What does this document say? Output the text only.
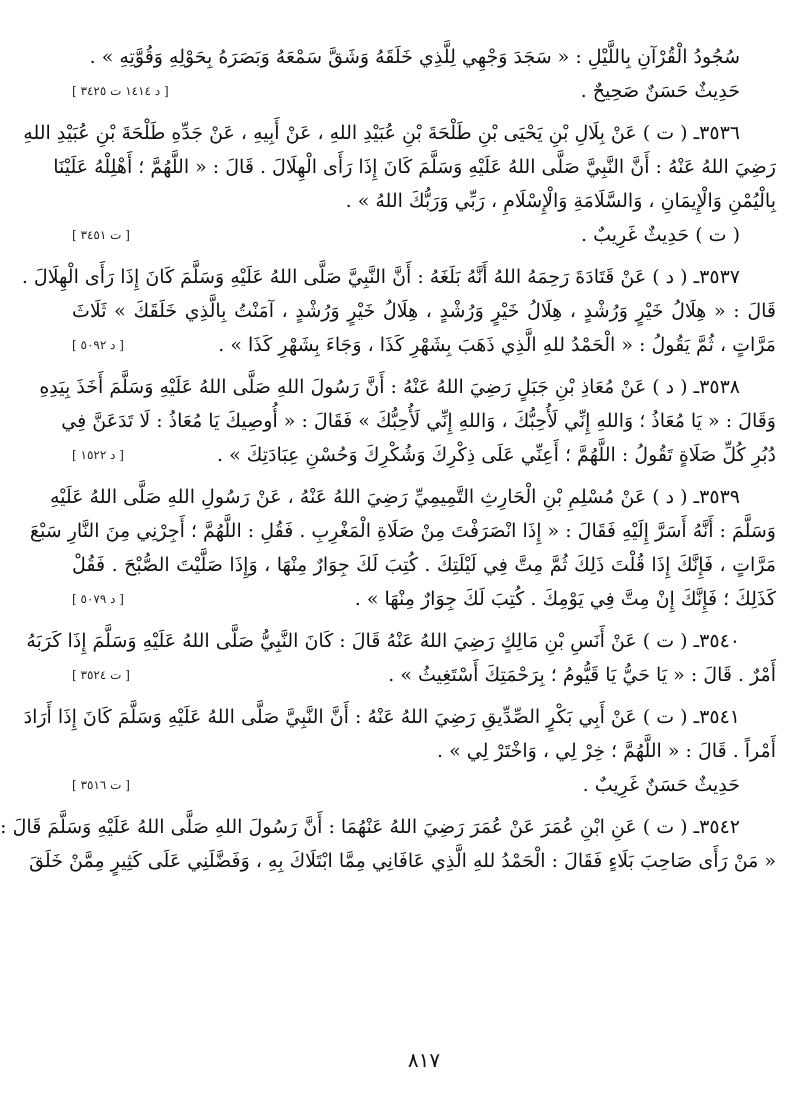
سُجُودُ الْقُرْآنِ بِاللَّيْلِ : « سَجَدَ وَجْهِي لِلَّذِي خَلَقَهُ وَشَقَّ سَمْعَهُ وَبَصَرَهُ بِحَوْلِهِ وَقُوَّتِهِ » .
حَدِيثٌ حَسَنٌ صَحِيحٌ .
[ د ١٤١٤ ت ٣٤٢٥ ]
٣٥٣٦ـ ( ت ) عَنْ بِلَالِ بْنِ يَحْيَى بْنِ طَلْحَةَ بْنِ عُبَيْدِ اللهِ ، عَنْ أَبِيهِ ، عَنْ جَدِّهِ طَلْحَةَ بْنِ عُبَيْدِ اللهِ
رَضِيَ اللهُ عَنْهُ : أَنَّ النَّبِيَّ صَلَّى اللهُ عَلَيْهِ وَسَلَّمَ كَانَ إِذَا رَأَى الْهِلَالَ . قَالَ : « اللَّهُمَّ ؛ أَهْلِلْهُ عَلَيْنَا
بِالْيُمْنِ وَالْإِيمَانِ ، وَالسَّلَامَةِ وَالْإِسْلَامِ ، رَبِّي وَرَبُّكَ اللهُ » .
( ت ) حَدِيثٌ غَرِيبٌ .
[ ت ٣٤٥١ ]
٣٥٣٧ـ ( د ) عَنْ قَتَادَةَ رَحِمَهُ اللهُ أَنَّهُ بَلَغَهُ : أَنَّ النَّبِيَّ صَلَّى اللهُ عَلَيْهِ وَسَلَّمَ كَانَ إِذَا رَأَى الْهِلَالَ .
قَالَ : « هِلَالُ خَيْرٍ وَرُشْدٍ ، هِلَالُ خَيْرٍ وَرُشْدٍ ، هِلَالُ خَيْرٍ وَرُشْدٍ ، آمَنْتُ بِالَّذِي خَلَقَكَ » ثَلَاثَ
مَرَّاتٍ ، ثُمَّ يَقُولُ : « الْحَمْدُ للهِ الَّذِي ذَهَبَ بِشَهْرِ كَذَا ، وَجَاءَ بِشَهْرِ كَذَا » .
[ د ٥٠٩٢ ]
٣٥٣٨ـ ( د ) عَنْ مُعَاذِ بْنِ جَبَلٍ رَضِيَ اللهُ عَنْهُ : أَنَّ رَسُولَ اللهِ صَلَّى اللهُ عَلَيْهِ وَسَلَّمَ أَخَذَ بِيَدِهِ
وَقَالَ : « يَا مُعَاذُ ؛ وَاللهِ إِنِّي لَأُحِبُّكَ ، وَاللهِ إِنِّي لَأُحِبُّكَ » فَقَالَ : « أُوصِيكَ يَا مُعَاذُ : لَا تَدَعَنَّ فِي
دُبُرِ كُلِّ صَلَاةٍ تَقُولُ : اللَّهُمَّ ؛ أَعِنِّي عَلَى ذِكْرِكَ وَشُكْرِكَ وَحُسْنِ عِبَادَتِكَ » .
[ د ١٥٢٢ ]
٣٥٣٩ـ ( د ) عَنْ مُسْلِمِ بْنِ الْحَارِثِ التَّمِيمِيِّ رَضِيَ اللهُ عَنْهُ ، عَنْ رَسُولِ اللهِ صَلَّى اللهُ عَلَيْهِ
وَسَلَّمَ : أَنَّهُ أَسَرَّ إِلَيْهِ فَقَالَ : « إِذَا انْصَرَفْتَ مِنْ صَلَاةِ الْمَغْرِبِ . فَقُلِ : اللَّهُمَّ ؛ أَجِرْنِي مِنَ النَّارِ سَبْعَ
مَرَّاتٍ ، فَإِنَّكَ إِذَا قُلْتَ ذَلِكَ ثُمَّ مِتَّ فِي لَيْلَتِكَ . كُتِبَ لَكَ جِوَارٌ مِنْهَا ، وَإِذَا صَلَّيْتَ الصُّبْحَ . فَقُلْ
كَذَلِكَ ؛ فَإِنَّكَ إِنْ مِتَّ فِي يَوْمِكَ . كُتِبَ لَكَ جِوَارٌ مِنْهَا » .
[ د ٥٠٧٩ ]
٣٥٤٠ـ ( ت ) عَنْ أَنَسِ بْنِ مَالِكٍ رَضِيَ اللهُ عَنْهُ قَالَ : كَانَ النَّبِيُّ صَلَّى اللهُ عَلَيْهِ وَسَلَّمَ إِذَا كَرَبَهُ
أَمْرٌ . قَالَ : « يَا حَيُّ يَا قَيُّومُ ؛ بِرَحْمَتِكَ أَسْتَغِيثُ » .
[ ت ٣٥٢٤ ]
٣٥٤١ـ ( ت ) عَنْ أَبِي بَكْرٍ الصِّدِّيقِ رَضِيَ اللهُ عَنْهُ : أَنَّ النَّبِيَّ صَلَّى اللهُ عَلَيْهِ وَسَلَّمَ كَانَ إِذَا أَرَادَ
أَمْراً . قَالَ : « اللَّهُمَّ ؛ خِرْ لِي ، وَاخْتَرْ لِي » .
حَدِيثٌ حَسَنٌ غَرِيبٌ .
[ ت ٣٥١٦ ]
٣٥٤٢ـ ( ت ) عَنِ ابْنِ عُمَرَ عَنْ عُمَرَ رَضِيَ اللهُ عَنْهُمَا : أَنَّ رَسُولَ اللهِ صَلَّى اللهُ عَلَيْهِ وَسَلَّمَ قَالَ :
« مَنْ رَأَى صَاحِبَ بَلَاءٍ فَقَالَ : الْحَمْدُ للهِ الَّذِي عَافَانِي مِمَّا ابْتَلَاكَ بِهِ ، وَفَضَّلَنِي عَلَى كَثِيرٍ مِمَّنْ خَلَقَ
٨١٧
